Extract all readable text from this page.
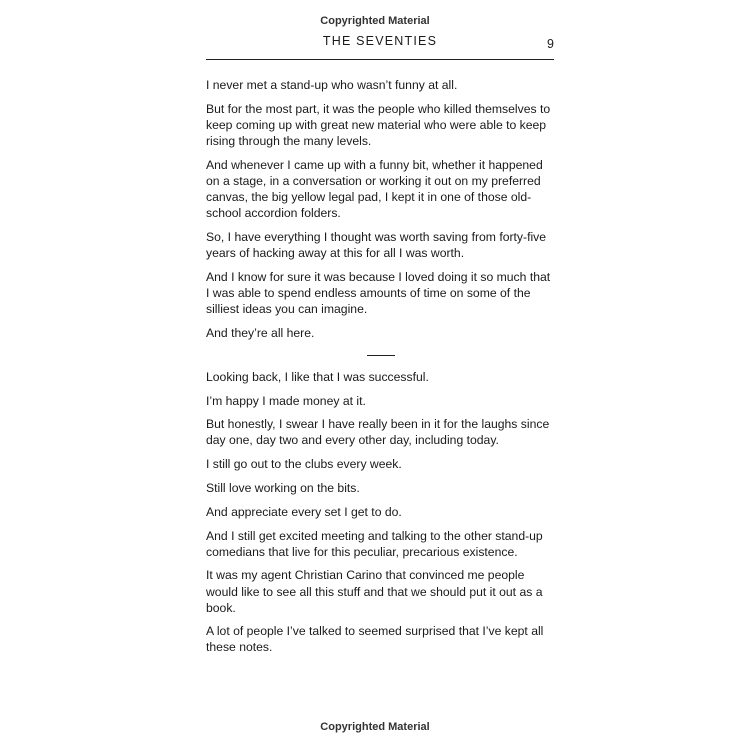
Copyrighted Material
THE SEVENTIES	9

I never met a stand-up who wasn’t funny at all.

But for the most part, it was the people who killed themselves to keep coming up with great new material who were able to keep rising through the many levels.

And whenever I came up with a funny bit, whether it happened on a stage, in a conversation or working it out on my preferred canvas, the big yellow legal pad, I kept it in one of those old-school accordion folders.

So, I have everything I thought was worth saving from forty-five years of hacking away at this for all I was worth.

And I know for sure it was because I loved doing it so much that I was able to spend endless amounts of time on some of the silliest ideas you can imagine.

And they’re all here.

Looking back, I like that I was successful.

I’m happy I made money at it.

But honestly, I swear I have really been in it for the laughs since day one, day two and every other day, including today.

I still go out to the clubs every week.

Still love working on the bits.

And appreciate every set I get to do.

And I still get excited meeting and talking to the other stand-up comedians that live for this peculiar, precarious existence.

It was my agent Christian Carino that convinced me people would like to see all this stuff and that we should put it out as a book.

A lot of people I’ve talked to seemed surprised that I’ve kept all these notes.

Copyrighted Material
